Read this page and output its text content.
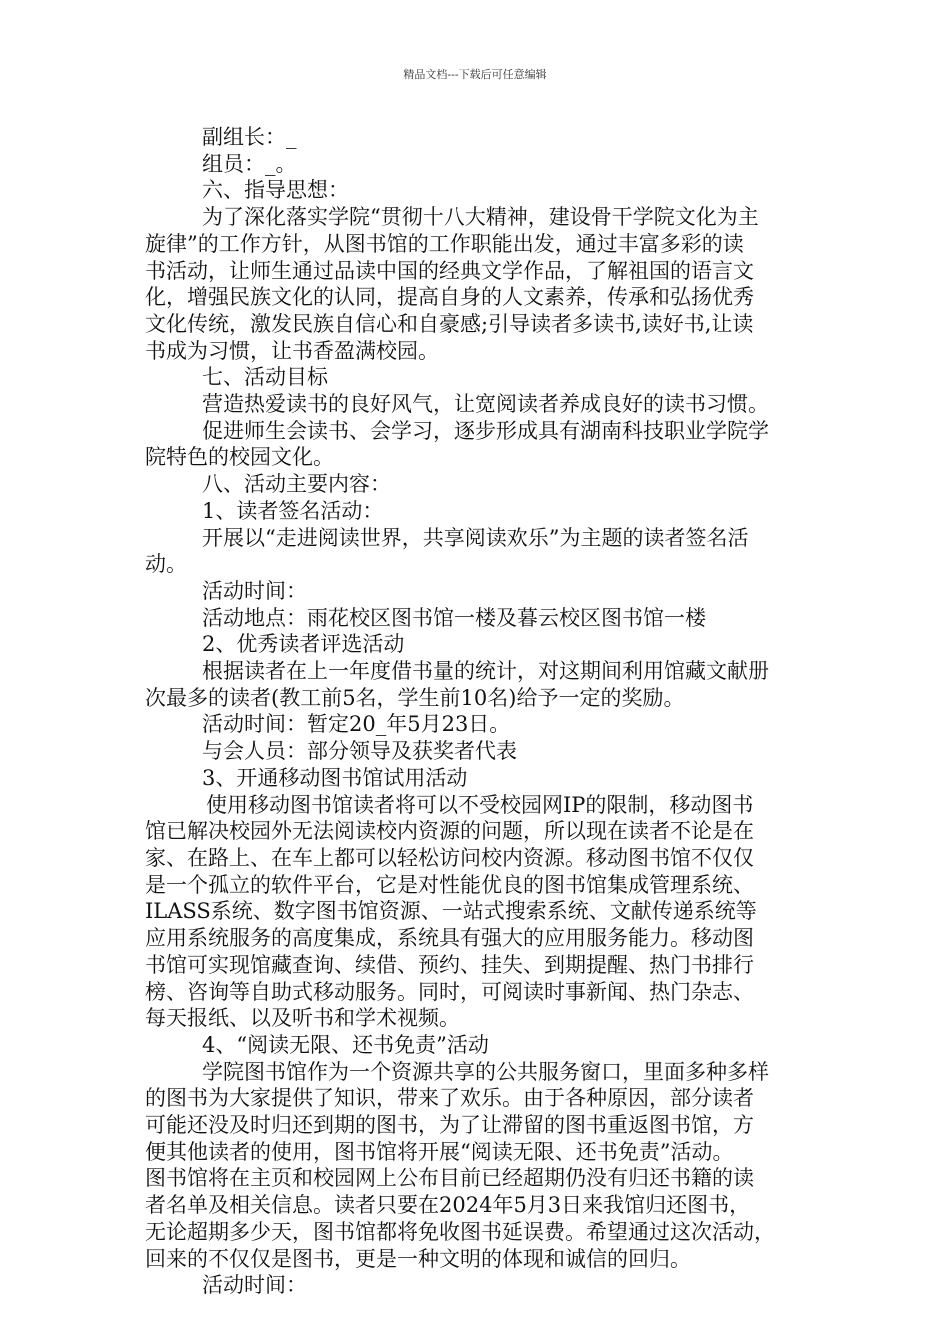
精品文档---下载后可任意编辑
副组长：_
组员：_。
六、指导思想：
为了深化落实学院“贯彻十八大精神，建设骨干学院文化为主
旋律”的工作方针，从图书馆的工作职能出发，通过丰富多彩的读
书活动，让师生通过品读中国的经典文学作品，了解祖国的语言文
化，增强民族文化的认同，提高自身的人文素养，传承和弘扬优秀
文化传统，激发民族自信心和自豪感;引导读者多读书,读好书,让读
书成为习惯，让书香盈满校园。
七、活动目标
营造热爱读书的良好风气，让宽阅读者养成良好的读书习惯。
促进师生会读书、会学习，逐步形成具有湖南科技职业学院学
院特色的校园文化。
八、活动主要内容：
1、读者签名活动：
开展以“走进阅读世界，共享阅读欢乐”为主题的读者签名活
动。
活动时间：
活动地点：雨花校区图书馆一楼及暮云校区图书馆一楼
2、优秀读者评选活动
根据读者在上一年度借书量的统计，对这期间利用馆藏文献册
次最多的读者(教工前5名，学生前10名)给予一定的奖励。
活动时间：暂定20_年5月23日。
与会人员：部分领导及获奖者代表
3、开通移动图书馆试用活动
使用移动图书馆读者将可以不受校园网IP的限制，移动图书
馆已解决校园外无法阅读校内资源的问题，所以现在读者不论是在
家、在路上、在车上都可以轻松访问校内资源。移动图书馆不仅仅
是一个孤立的软件平台，它是对性能优良的图书馆集成管理系统、
ILASS系统、数字图书馆资源、一站式搜索系统、文献传递系统等
应用系统服务的高度集成，系统具有强大的应用服务能力。移动图
书馆可实现馆藏查询、续借、预约、挂失、到期提醒、热门书排行
榜、咨询等自助式移动服务。同时，可阅读时事新闻、热门杂志、
每天报纸、以及听书和学术视频。
4、“阅读无限、还书免责”活动
学院图书馆作为一个资源共享的公共服务窗口，里面多种多样
的图书为大家提供了知识，带来了欢乐。由于各种原因，部分读者
可能还没及时归还到期的图书，为了让滞留的图书重返图书馆，方
便其他读者的使用，图书馆将开展“阅读无限、还书免责”活动。
图书馆将在主页和校园网上公布目前已经超期仍没有归还书籍的读
者名单及相关信息。读者只要在2024年5月3日来我馆归还图书，
无论超期多少天，图书馆都将免收图书延误费。希望通过这次活动，
回来的不仅仅是图书，更是一种文明的体现和诚信的回归。
活动时间：
